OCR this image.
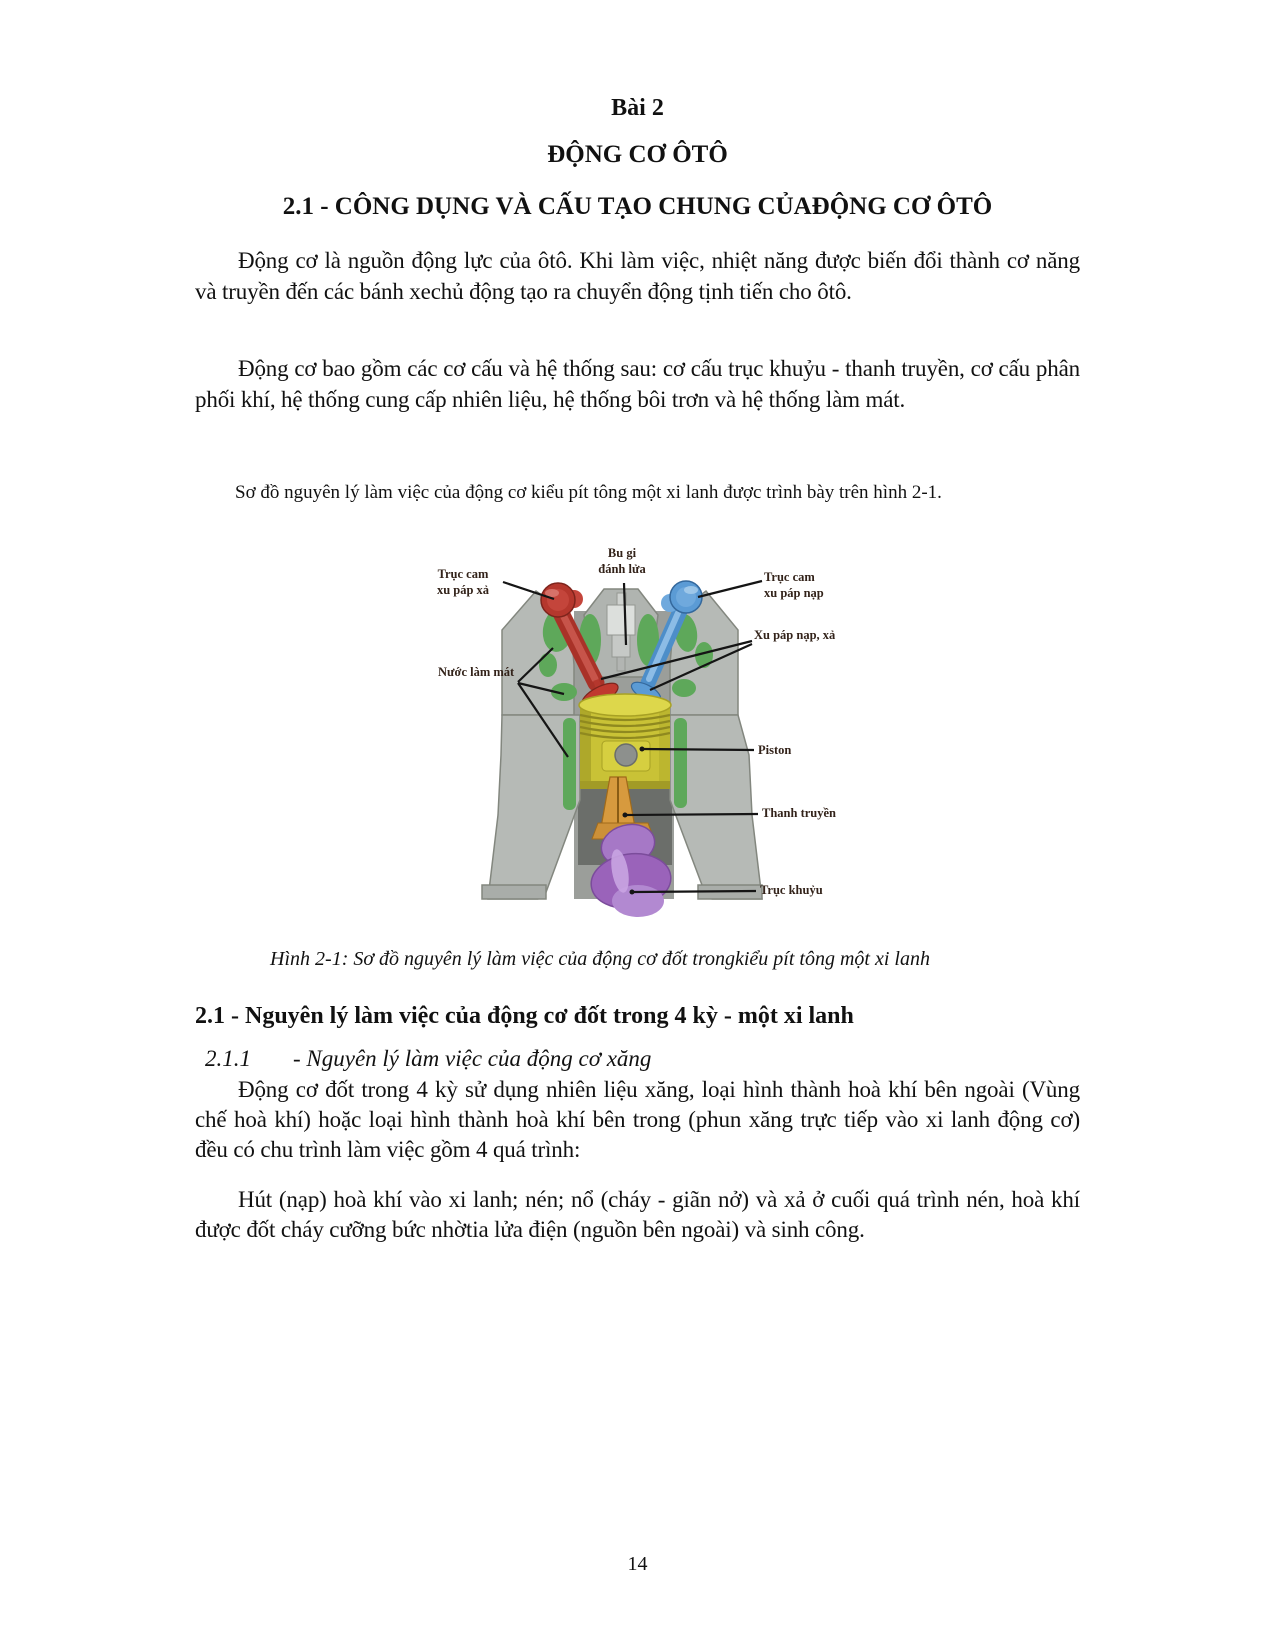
Bài 2
ĐỘNG CƠ ÔTÔ
2.1 - CÔNG DỤNG VÀ CẤU TẠO CHUNG CỦAĐỘNG CƠ ÔTÔ

Động cơ là nguồn động lực của ôtô. Khi làm việc, nhiệt năng được biến đổi thành cơ năng và truyền đến các bánh xechủ động tạo ra chuyển động tịnh tiến cho ôtô.

Động cơ bao gồm các cơ cấu và hệ thống sau: cơ cấu trục khuỷu - thanh truyền, cơ cấu phân phối khí, hệ thống cung cấp nhiên liệu, hệ thống bôi trơn và hệ thống làm mát.

Sơ đồ nguyên lý làm việc của động cơ kiểu pít tông một xi lanh được trình bày trên hình 2-1.

Trục cam
xu páp xả
Bu gi
đánh lửa
Trục cam
xu páp nạp
Xu páp nạp, xả
Nước làm mát
Piston
Thanh truyền
Trục khuỷu
Hình 2-1: Sơ đồ nguyên lý làm việc của động cơ đốt trongkiểu pít tông một xi lanh
2.1 - Nguyên lý làm việc của động cơ đốt trong 4 kỳ - một xi lanh
2.1.1 - Nguyên lý làm việc của động cơ xăng

Động cơ đốt trong 4 kỳ sử dụng nhiên liệu xăng, loại hình thành hoà khí bên ngoài (Vùng chế hoà khí) hoặc loại hình thành hoà khí bên trong (phun xăng trực tiếp vào xi lanh động cơ) đều có chu trình làm việc gồm 4 quá trình:

Hút (nạp) hoà khí vào xi lanh; nén; nổ (cháy - giãn nở) và xả ở cuối quá trình nén, hoà khí được đốt cháy cưỡng bức nhờtia lửa điện (nguồn bên ngoài) và sinh công.

14
